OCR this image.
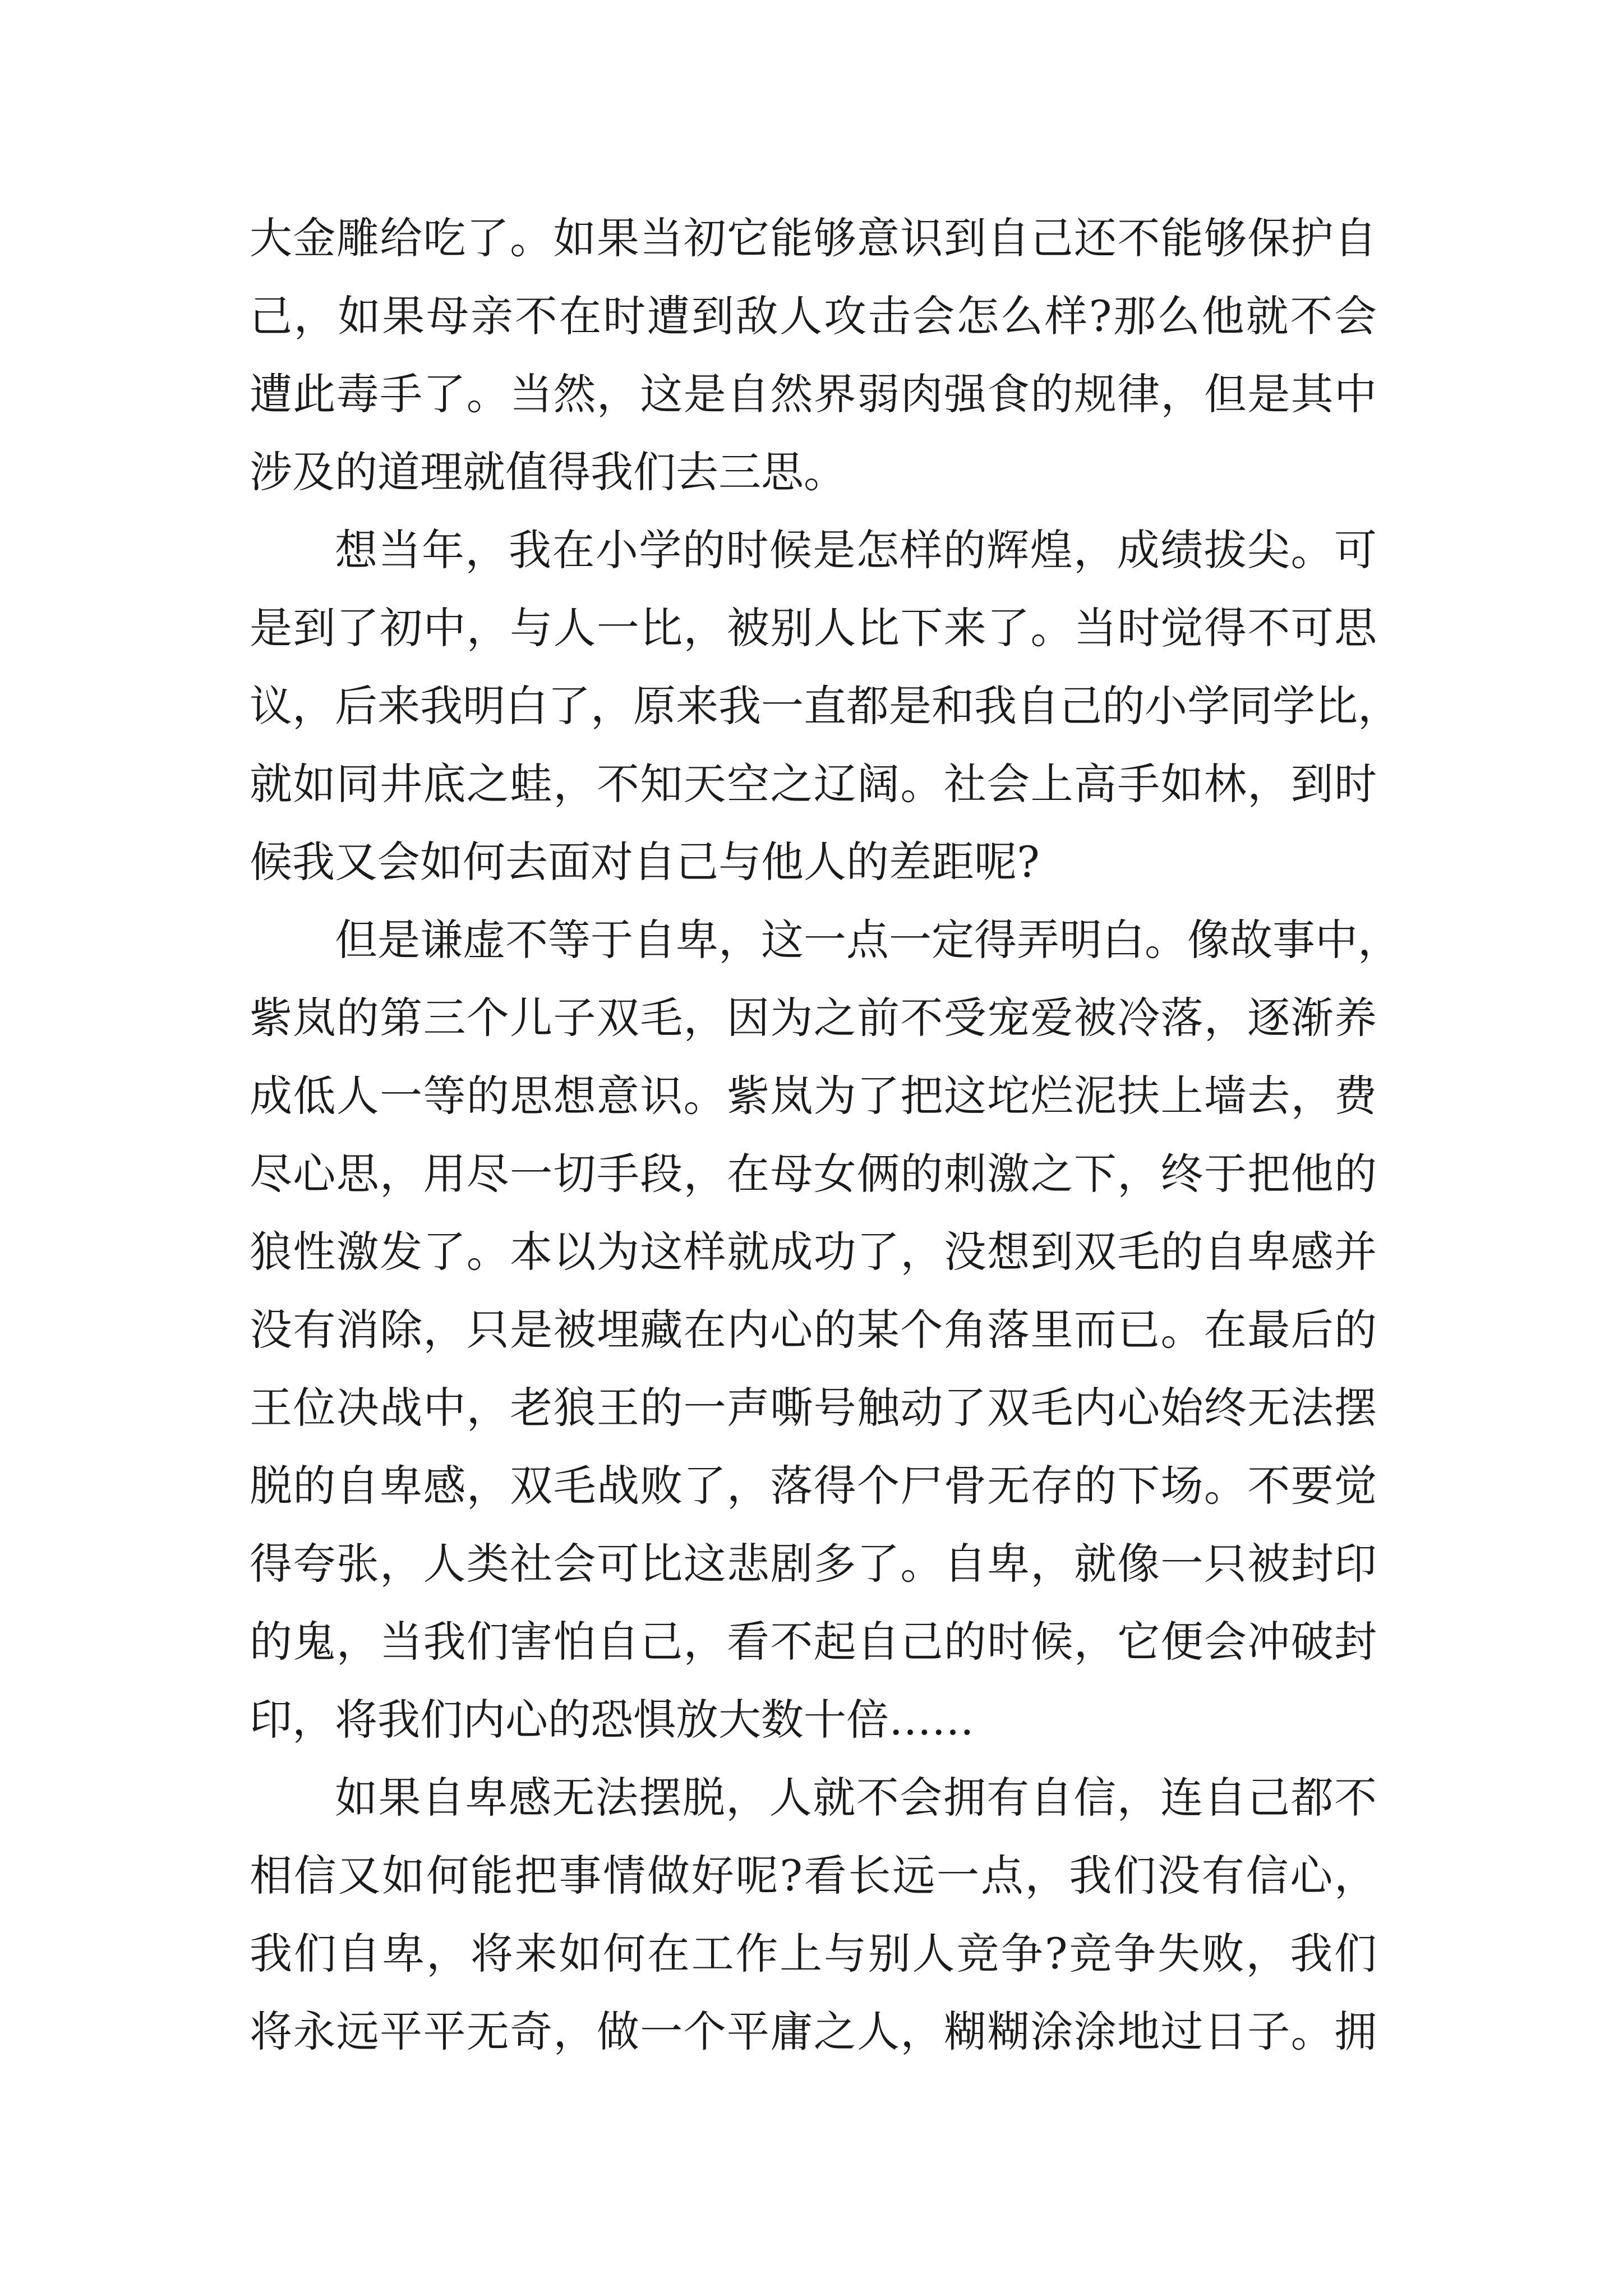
大金雕给吃了。如果当初它能够意识到自己还不能够保护自
己，如果母亲不在时遭到敌人攻击会怎么样?那么他就不会
遭此毒手了。当然，这是自然界弱肉强食的规律，但是其中
涉及的道理就值得我们去三思。
想当年，我在小学的时候是怎样的辉煌，成绩拔尖。可
是到了初中，与人一比，被别人比下来了。当时觉得不可思
议，后来我明白了，原来我一直都是和我自己的小学同学比，
就如同井底之蛙，不知天空之辽阔。社会上高手如林，到时
候我又会如何去面对自己与他人的差距呢?
但是谦虚不等于自卑，这一点一定得弄明白。像故事中，
紫岚的第三个儿子双毛，因为之前不受宠爱被冷落，逐渐养
成低人一等的思想意识。紫岚为了把这坨烂泥扶上墙去，费
尽心思，用尽一切手段，在母女俩的刺激之下，终于把他的
狼性激发了。本以为这样就成功了，没想到双毛的自卑感并
没有消除，只是被埋藏在内心的某个角落里而已。在最后的
王位决战中，老狼王的一声嘶号触动了双毛内心始终无法摆
脱的自卑感，双毛战败了，落得个尸骨无存的下场。不要觉
得夸张，人类社会可比这悲剧多了。自卑，就像一只被封印
的鬼，当我们害怕自己，看不起自己的时候，它便会冲破封
印，将我们内心的恐惧放大数十倍……
如果自卑感无法摆脱，人就不会拥有自信，连自己都不
相信又如何能把事情做好呢?看长远一点，我们没有信心，
我们自卑，将来如何在工作上与别人竞争?竞争失败，我们
将永远平平无奇，做一个平庸之人，糊糊涂涂地过日子。拥
